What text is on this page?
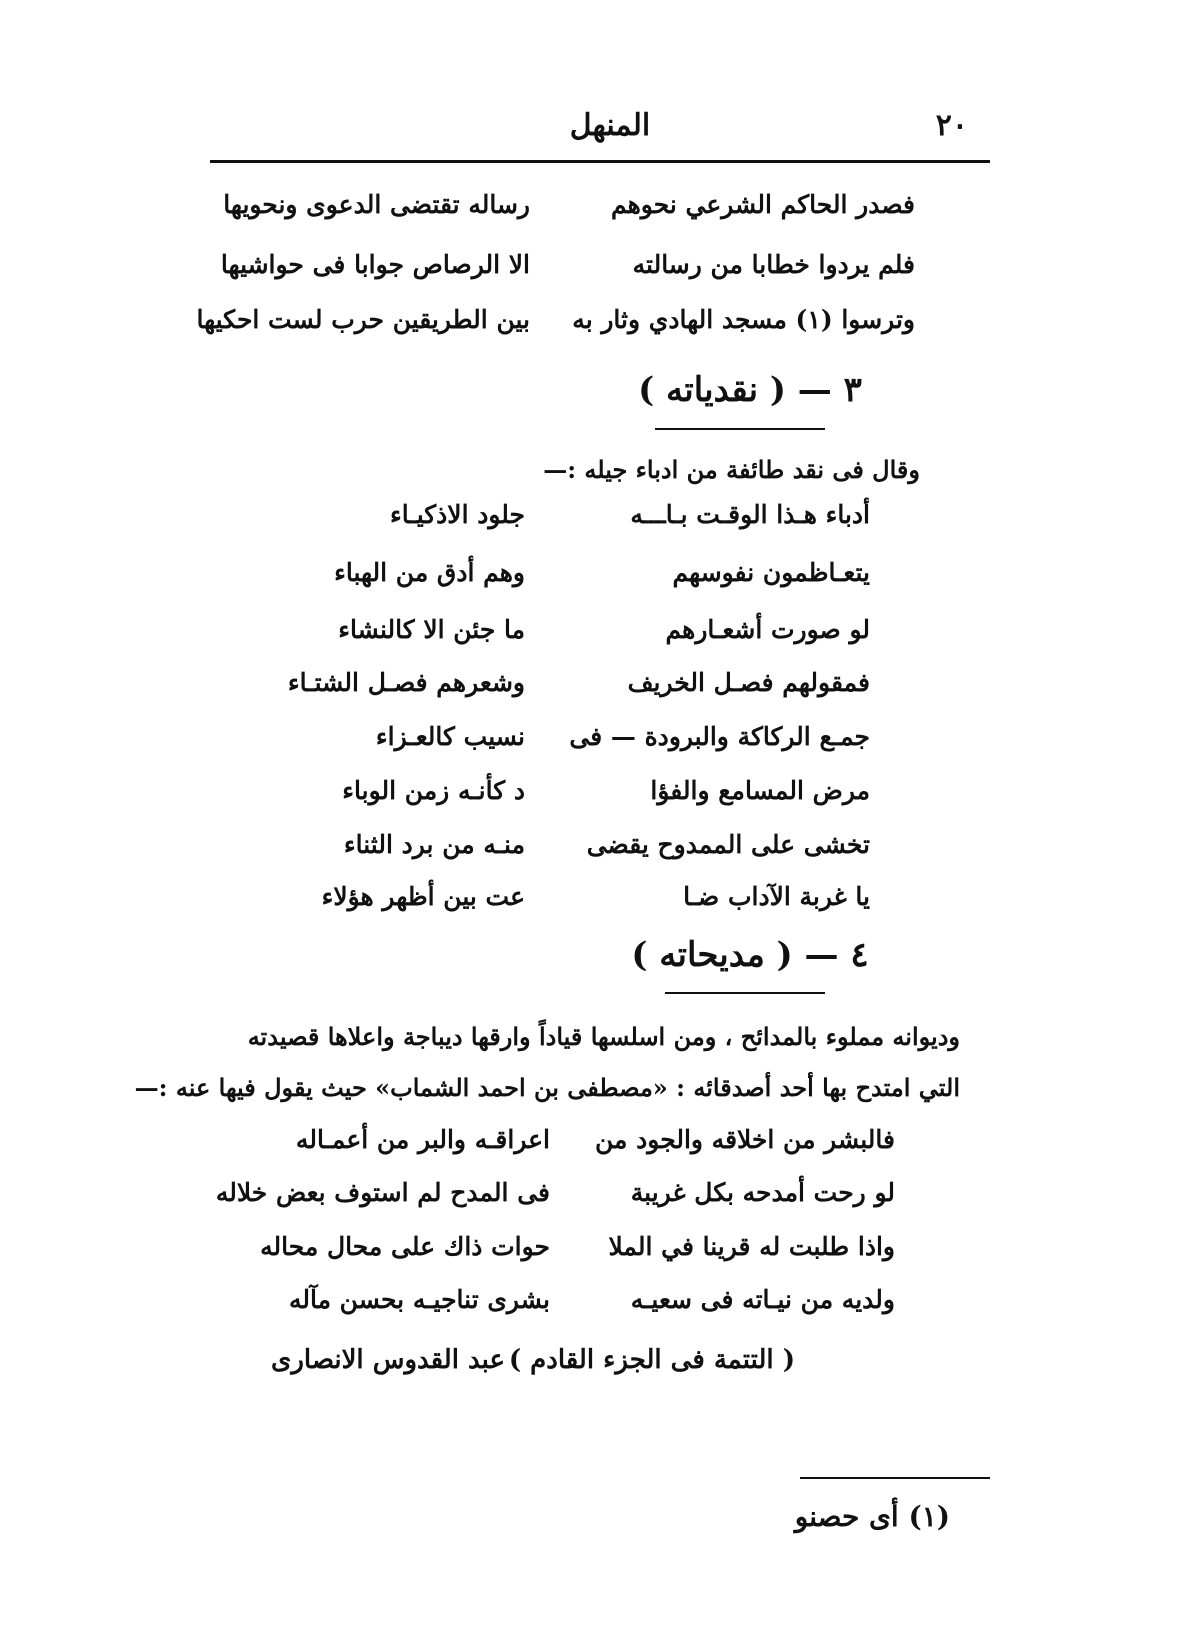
٢٠
المنهل
فصدر الحاكم الشرعي نحوهم
رساله تقتضى الدعوى ونحويها
فلم يردوا خطابا من رسالته
الا الرصاص جوابا فى حواشيها
وترسوا (١) مسجد الهادي وثار به
بين الطريقين حرب لست احكيها
٣ — ( نقدياته )
وقال فى نقد طائفة من ادباء جيله :—
أدباء هـذا الوقـت بـاـــه
جلود الاذكيـاء
يتعـاظمون نفوسهم
وهم أدق من الهباء
لو صورت أشعـارهم
ما جئن الا كالنشاء
فمقولهم فصـل الخريف
وشعرهم فصـل الشتـاء
جمـع الركاكة والبرودة — فى
نسيب كالعـزاء
مرض المسامع والفؤا
د كأنـه زمن الوباء
تخشى على الممدوح يقضى
منـه من برد الثناء
يا غربة الآداب ضـا
عت بين أظهر هؤلاء
٤ — ( مديحاته )
وديوانه مملوء بالمدائح ، ومن اسلسها قياداً وارقها ديباجة واعلاها قصيدته
التي امتدح بها أحد أصدقائه : «مصطفى بن احمد الشماب» حيث يقول فيها عنه :—
فالبشر من اخلاقه والجود من
اعراقـه والبر من أعمـاله
لو رحت أمدحه بكل غريبة
فى المدح لم استوف بعض خلاله
واذا طلبت له قرينا في الملا
حوات ذاك على محال محاله
ولديه من نيـاته فى سعيـه
بشرى تناجيـه بحسن مآله
( التتمة فى الجزء القادم )
عبد القدوس الانصارى
(١) أى حصنو
